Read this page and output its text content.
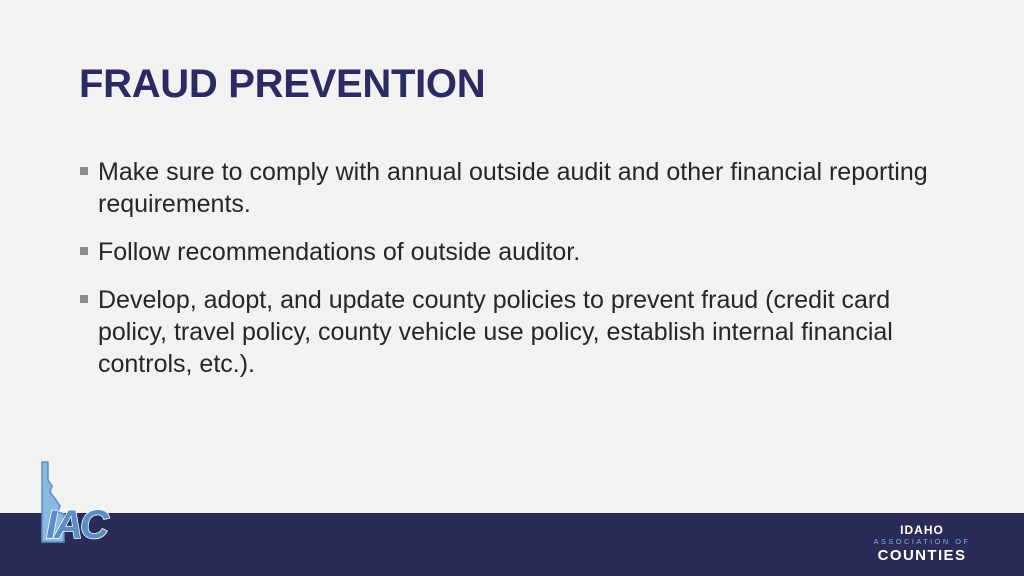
FRAUD PREVENTION
Make sure to comply with annual outside audit and other financial reporting requirements.
Follow recommendations of outside auditor.
Develop, adopt, and update county policies to prevent fraud (credit card policy, travel policy, county vehicle use policy, establish internal financial controls, etc.).
IAC	IDAHO
ASSOCIATION OF
COUNTIES
